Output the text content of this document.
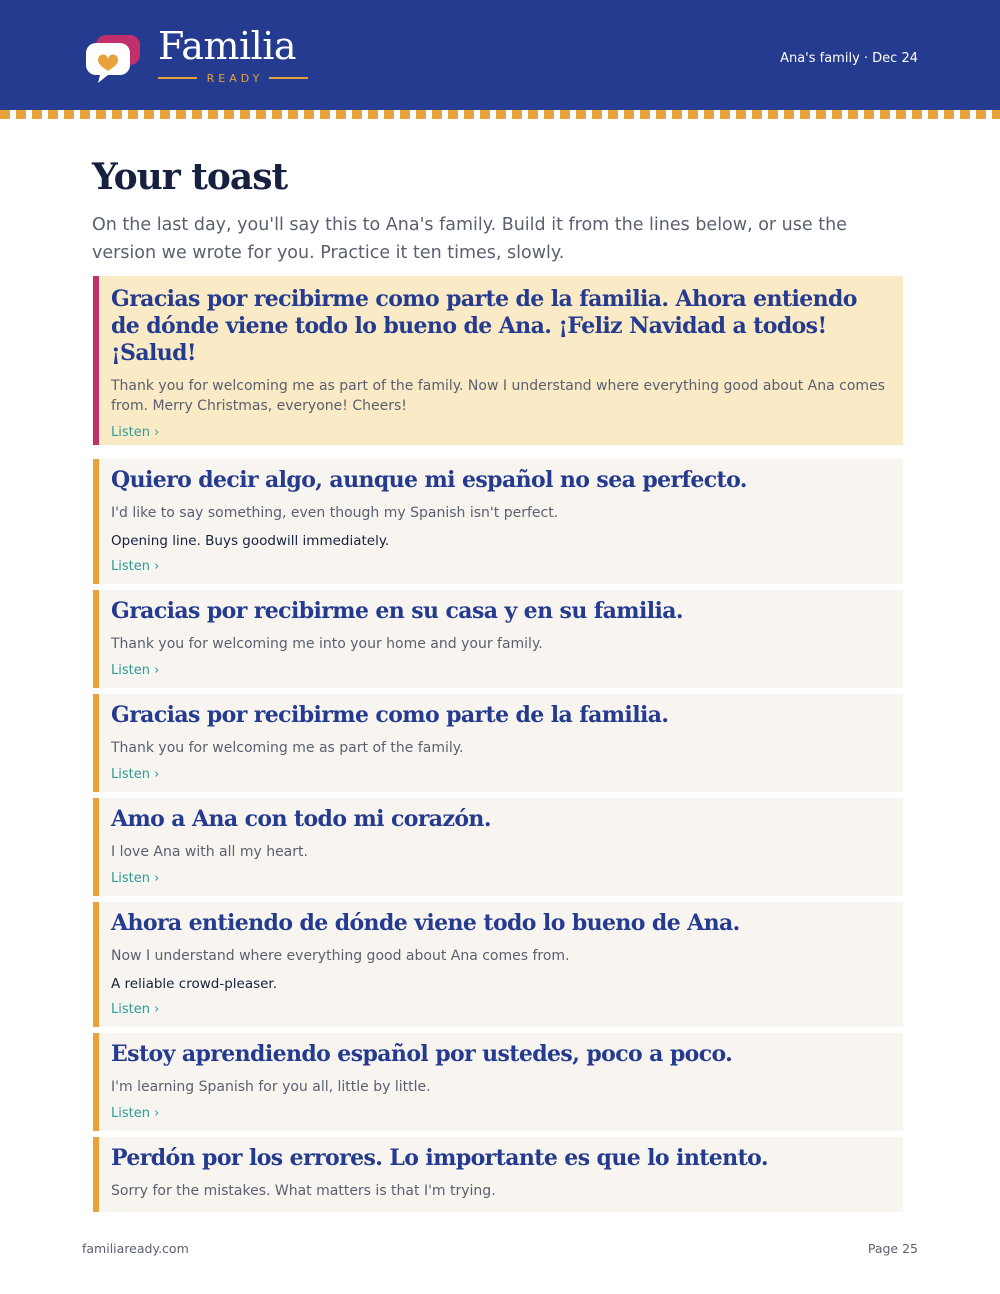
Familia
READY
Ana's family · Dec 24
Your toast

On the last day, you'll say this to Ana's family. Build it from the lines below, or use the version we wrote for you. Practice it ten times, slowly.

Gracias por recibirme como parte de la familia. Ahora entiendo de dónde viene todo lo bueno de Ana. ¡Feliz Navidad a todos! ¡Salud!
Thank you for welcoming me as part of the family. Now I understand where everything good about Ana comes from. Merry Christmas, everyone! Cheers!
Listen ›
Quiero decir algo, aunque mi español no sea perfecto.
I'd like to say something, even though my Spanish isn't perfect.
Opening line. Buys goodwill immediately.
Listen ›
Gracias por recibirme en su casa y en su familia.
Thank you for welcoming me into your home and your family.
Listen ›
Gracias por recibirme como parte de la familia.
Thank you for welcoming me as part of the family.
Listen ›
Amo a Ana con todo mi corazón.
I love Ana with all my heart.
Listen ›
Ahora entiendo de dónde viene todo lo bueno de Ana.
Now I understand where everything good about Ana comes from.
A reliable crowd-pleaser.
Listen ›
Estoy aprendiendo español por ustedes, poco a poco.
I'm learning Spanish for you all, little by little.
Listen ›
Perdón por los errores. Lo importante es que lo intento.
Sorry for the mistakes. What matters is that I'm trying.
familiaready.com	Page 25
